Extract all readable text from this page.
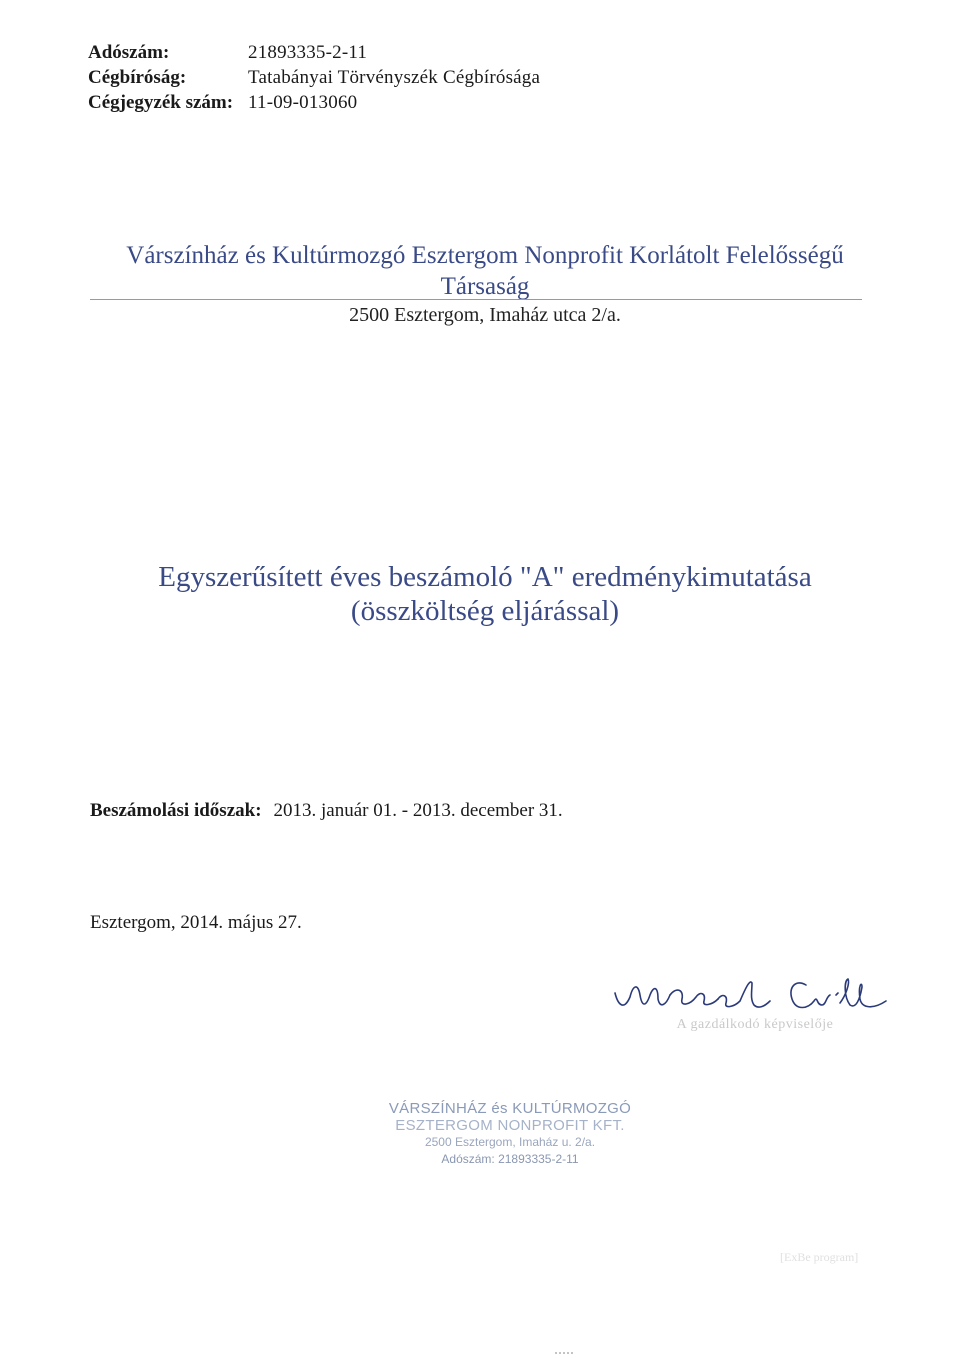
Adószám:	21893335-2-11
Cégbíróság:	Tatabányai Törvényszék Cégbírósága
Cégjegyzék szám: 11-09-013060
Várszínház és Kultúrmozgó Esztergom Nonprofit Korlátolt Felelősségű
Társaság
2500 Esztergom, Imaház utca 2/a.
Egyszerűsített éves beszámoló "A" eredménykimutatása
(összköltség eljárással)
Beszámolási időszak: 2013. január 01. - 2013. december 31.
Esztergom, 2014. május 27.
A gazdálkodó képviselője
VÁRSZÍNHÁZ és KULTÚRMOZGÓ
ESZTERGOM NONPROFIT KFT.
2500 Esztergom, Imaház u. 2/a.
Adószám: 21893335-2-11
[ExBe program]
